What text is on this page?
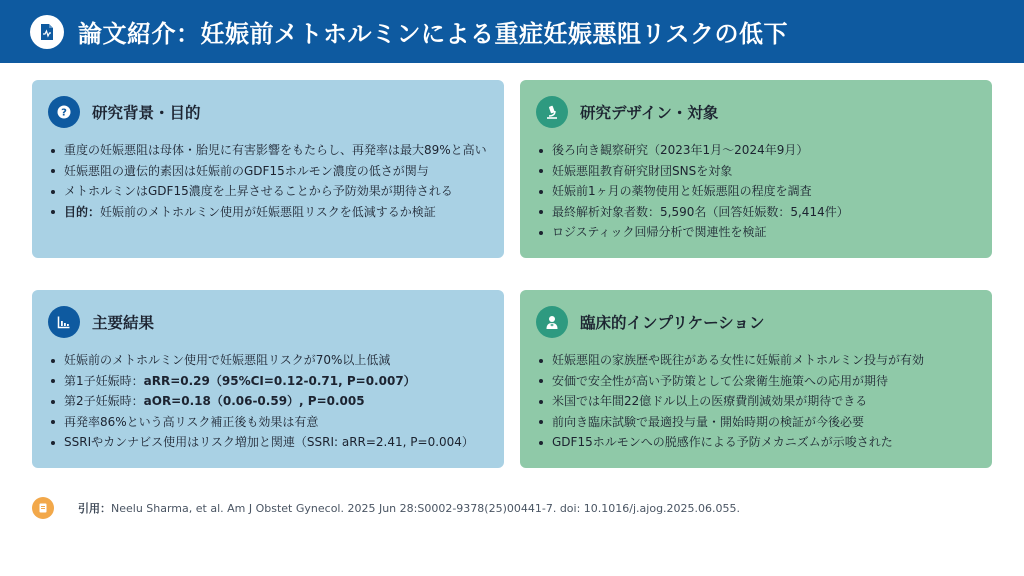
論文紹介：妊娠前メトホルミンによる重症妊娠悪阻リスクの低下
? 研究背景・目的
重度の妊娠悪阻は母体・胎児に有害影響をもたらし、再発率は最大89%と高い
妊娠悪阻の遺伝的素因は妊娠前のGDF15ホルモン濃度の低さが関与
メトホルミンはGDF15濃度を上昇させることから予防効果が期待される
目的：妊娠前のメトホルミン使用が妊娠悪阻リスクを低減するか検証
研究デザイン・対象
後ろ向き観察研究（2023年1月〜2024年9月）
妊娠悪阻教育研究財団SNSを対象
妊娠前1ヶ月の薬物使用と妊娠悪阻の程度を調査
最終解析対象者数：5,590名（回答妊娠数：5,414件）
ロジスティック回帰分析で関連性を検証
主要結果
妊娠前のメトホルミン使用で妊娠悪阻リスクが70%以上低減
第1子妊娠時：aRR=0.29（95%CI=0.12-0.71, P=0.007）
第2子妊娠時：aOR=0.18（0.06-0.59）, P=0.005
再発率86%という高リスク補正後も効果は有意
SSRIやカンナビス使用はリスク増加と関連（SSRI: aRR=2.41, P=0.004）
臨床的インプリケーション
妊娠悪阻の家族歴や既往がある女性に妊娠前メトホルミン投与が有効
安価で安全性が高い予防策として公衆衛生施策への応用が期待
米国では年間22億ドル以上の医療費削減効果が期待できる
前向き臨床試験で最適投与量・開始時期の検証が今後必要
GDF15ホルモンへの脱感作による予防メカニズムが示唆された
引用：Neelu Sharma, et al. Am J Obstet Gynecol. 2025 Jun 28:S0002-9378(25)00441-7. doi: 10.1016/j.ajog.2025.06.055.
